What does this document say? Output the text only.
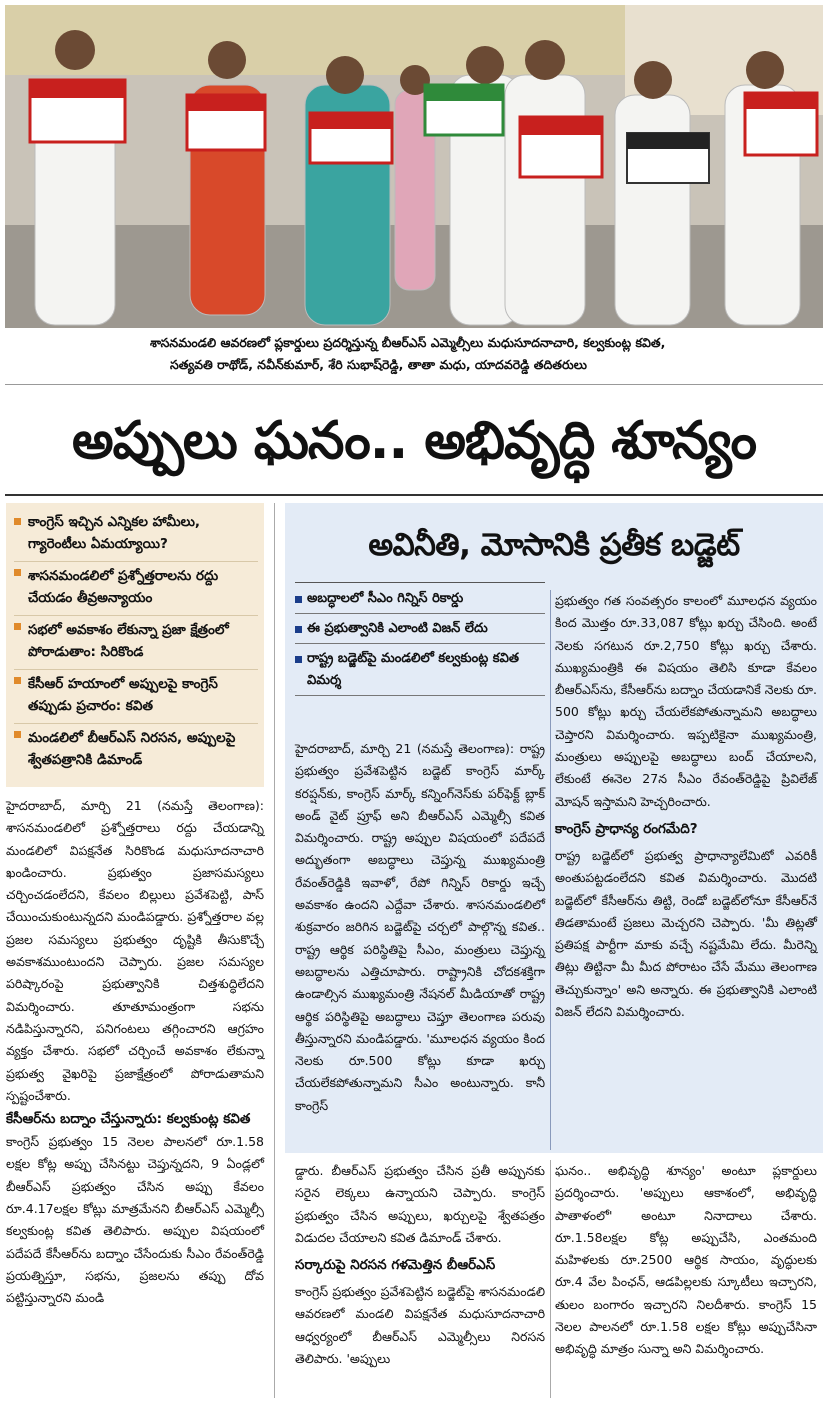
శాసనమండలి ఆవరణలో ప్లకార్డులు ప్రదర్శిస్తున్న బీఆర్‌ఎస్‌ ఎమ్మెల్సీలు మధుసూదనాచారి, కల్వకుంట్ల కవిత,
సత్యవతి రాథోడ్‌, నవీన్‌కుమార్‌, శేరి సుభాష్‌రెడ్డి, తాతా మధు, యాదవరెడ్డి తదితరులు
అప్పులు ఘనం.. అభివృద్ధి శూన్యం
కాంగ్రెస్‌ ఇచ్చిన ఎన్నికల హామీలు, గ్యారెంటీలు ఏమయ్యాయి?
శాసనమండలిలో ప్రశ్నోత్తరాలను రద్దు చేయడం తీవ్రఅన్యాయం
సభలో అవకాశం లేకున్నా ప్రజా క్షేత్రంలో పోరాడుతాం: సిరికొండ
కేసీఆర్‌ హయాంలో అప్పులపై కాంగ్రెస్‌ తప్పుడు ప్రచారం: కవిత
మండలిలో బీఆర్‌ఎస్‌ నిరసన, అప్పులపై శ్వేతపత్రానికి డిమాండ్‌
హైదరాబాద్‌, మార్చి 21 (నమస్తే తెలంగాణ): శాసనమండలిలో ప్రశ్నోత్తరాలు రద్దు చేయడాన్ని మండలిలో విపక్షనేత సిరికొండ మధుసూదనాచారి ఖండించారు. ప్రభుత్వం ప్రజాసమస్యలు చర్చించడంలేదని, కేవలం బిల్లులు ప్రవేశపెట్టి, పాస్‌ చేయించుకుంటున్నదని మండిపడ్డారు. ప్రశ్నోత్తరాల వల్ల ప్రజల సమస్యలు ప్రభుత్వం దృష్టికి తీసుకొచ్చే అవకాశముంటుందని చెప్పారు. ప్రజల సమస్యల పరిష్కారంపై ప్రభుత్వానికి చిత్తశుద్ధిలేదని విమర్శించారు. తూతూమంత్రంగా సభను నడిపిస్తున్నారని, పనిగంటలు తగ్గించారని ఆగ్రహం వ్యక్తం చేశారు. సభలో చర్చించే అవకాశం లేకున్నా ప్రభుత్వ వైఖరిపై ప్రజాక్షేత్రంలో పోరాడుతామని స్పష్టంచేశారు.
కేసీఆర్‌ను బద్నాం చేస్తున్నారు: కల్వకుంట్ల కవిత
కాంగ్రెస్‌ ప్రభుత్వం 15 నెలల పాలనలో రూ.1.58 లక్షల కోట్ల అప్పు చేసినట్టు చెప్తున్నదని, 9 ఏండ్లలో బీఆర్‌ఎస్‌ ప్రభుత్వం చేసిన అప్పు కేవలం రూ.4.17లక్షల కోట్లు మాత్రమేనని బీఆర్‌ఎస్‌ ఎమ్మెల్సీ కల్వకుంట్ల కవిత తెలిపారు. అప్పుల విషయంలో పదేపదే కేసీఆర్‌ను బద్నాం చేసేందుకు సీఎం రేవంత్‌రెడ్డి ప్రయత్నిస్తూ, సభను, ప్రజలను తప్పు దోవ పట్టిస్తున్నారని మండి
అవినీతి, మోసానికి ప్రతీక బడ్జెట్‌
అబద్ధాలలో సీఎం గిన్నిస్‌ రికార్డు
ఈ ప్రభుత్వానికి ఎలాంటి విజన్‌ లేదు
రాష్ట్ర బడ్జెట్‌పై మండలిలో కల్వకుంట్ల కవిత విమర్శ
హైదరాబాద్‌, మార్చి 21 (నమస్తే తెలంగాణ): రాష్ట్ర ప్రభుత్వం ప్రవేశపెట్టిన బడ్జెట్‌ కాంగ్రెస్‌ మార్క్‌ కరప్షన్‌కు, కాంగ్రెస్‌ మార్క్‌ కన్నింగ్‌నెస్‌కు పర్‌ఫెక్ట్‌ బ్లాక్‌ అండ్‌ వైట్‌ ప్రూఫ్‌ అని బీఆర్‌ఎస్‌ ఎమ్మెల్సీ కవిత విమర్శించారు. రాష్ట్ర అప్పుల విషయంలో పదేపదే అద్భుతంగా అబద్ధాలు చెప్తున్న ముఖ్యమంత్రి రేవంత్‌రెడ్డికి ఇవాళో, రేపో గిన్నిస్‌ రికార్డు ఇచ్చే అవకాశం ఉందని ఎద్దేవా చేశారు. శాసనమండలిలో శుక్రవారం జరిగిన బడ్జెట్‌పై చర్చలో పాల్గొన్న కవిత.. రాష్ట్ర ఆర్థిక పరిస్థితిపై సీఎం, మంత్రులు చెప్తున్న అబద్ధాలను ఎత్తిచూపారు. రాష్ట్రానికి చోదకశక్తిగా ఉండాల్సిన ముఖ్యమంత్రి నేషనల్‌ మీడియాతో రాష్ట్ర ఆర్థిక పరిస్థితిపై అబద్ధాలు చెప్తూ తెలంగాణ పరువు తీస్తున్నారని మండిపడ్డారు. 'మూలధన వ్యయం కింద నెలకు రూ.500 కోట్లు కూడా ఖర్చు చేయలేకపోతున్నామని సీఎం అంటున్నారు. కానీ కాంగ్రెస్‌
ప్రభుత్వం గత సంవత్సరం కాలంలో మూలధన వ్యయం కింద మొత్తం రూ.33,087 కోట్లు ఖర్చు చేసింది. అంటే నెలకు సగటున రూ.2,750 కోట్లు ఖర్చు చేశారు. ముఖ్యమంత్రికి ఈ విషయం తెలిసి కూడా కేవలం బీఆర్‌ఎస్‌ను, కేసీఆర్‌ను బద్నాం చేయడానికే నెలకు రూ. 500 కోట్లు ఖర్చు చేయలేకపోతున్నామని అబద్ధాలు చెప్తారని విమర్శించారు. ఇప్పటికైనా ముఖ్యమంత్రి, మంత్రులు అప్పులపై అబద్ధాలు బంద్‌ చేయాలని, లేకుంటే ఈనెల 27న సీఎం రేవంత్‌రెడ్డిపై ప్రివిలేజ్‌ మోషన్‌ ఇస్తామని హెచ్చరించారు.
కాంగ్రెస్‌ ప్రాధాన్య రంగమేది?
రాష్ట్ర బడ్జెట్‌లో ప్రభుత్వ ప్రాధాన్యాలేమిటో ఎవరికీ అంతుపట్టడంలేదని కవిత విమర్శించారు. మొదటి బడ్జెట్‌లో కేసీఆర్‌ను తిట్టి, రెండో బడ్జెట్‌లోనూ కేసీఆర్‌నే తిడతామంటే ప్రజలు మెచ్చరని చెప్పారు. 'మీ తిట్లతో ప్రతిపక్ష పార్టీగా మాకు వచ్చే నష్టమేమి లేదు. మీరెన్ని తిట్లు తిట్టినా మీ మీద పోరాటం చేసే మేము తెలంగాణ తెచ్చుకున్నాం' అని అన్నారు. ఈ ప్రభుత్వానికి ఎలాంటి విజన్‌ లేదని విమర్శించారు.
డ్డారు. బీఆర్‌ఎస్‌ ప్రభుత్వం చేసిన ప్రతీ అప్పునకు సరైన లెక్కలు ఉన్నాయని చెప్పారు. కాంగ్రెస్‌ ప్రభుత్వం చేసిన అప్పులు, ఖర్చులపై శ్వేతపత్రం విడుదల చేయాలని కవిత డిమాండ్‌ చేశారు.
సర్కారుపై నిరసన గళమెత్తిన బీఆర్‌ఎస్‌
కాంగ్రెస్‌ ప్రభుత్వం ప్రవేశపెట్టిన బడ్జెట్‌పై శాసనమండలి ఆవరణలో మండలి విపక్షనేత మధుసూదనాచారి ఆధ్వర్యంలో బీఆర్‌ఎస్‌ ఎమ్మెల్సీలు నిరసన తెలిపారు. 'అప్పులు
ఘనం.. అభివృద్ధి శూన్యం' అంటూ ప్లకార్డులు ప్రదర్శించారు. 'అప్పులు ఆకాశంలో, అభివృద్ధి పాతాళంలో' అంటూ నినాదాలు చేశారు. రూ.1.58లక్షల కోట్ల అప్పుచేసి, ఎంతమంది మహిళలకు రూ.2500 ఆర్థిక సాయం, వృద్ధులకు రూ.4 వేల పింఛన్‌, ఆడపిల్లలకు స్కూటీలు ఇచ్చారని, తులం బంగారం ఇచ్చారని నిలదీశారు. కాంగ్రెస్‌ 15 నెలల పాలనలో రూ.1.58 లక్షల కోట్లు అప్పుచేసినా అభివృద్ధి మాత్రం సున్నా అని విమర్శించారు.
